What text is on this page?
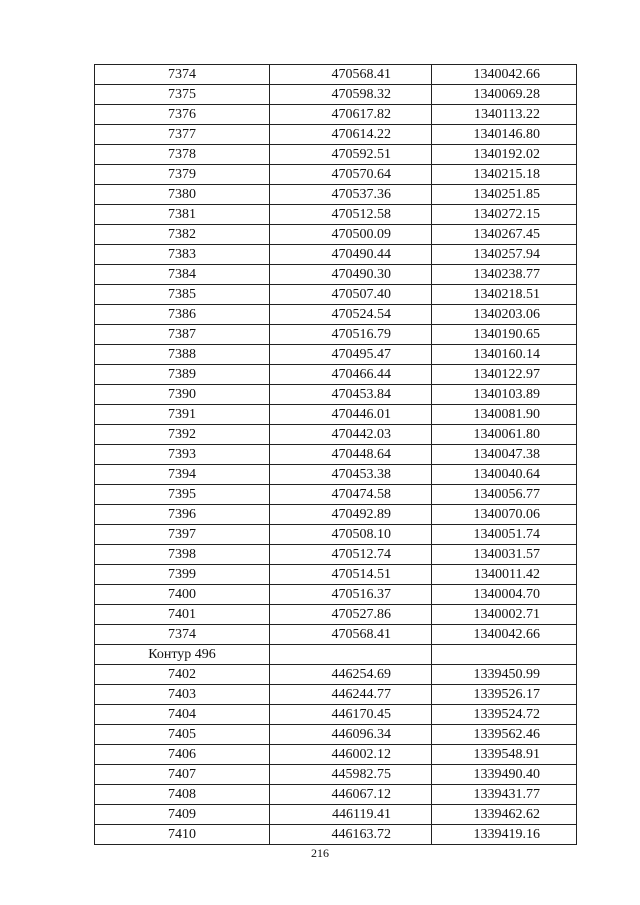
7374	470568.41	1340042.66
7375	470598.32	1340069.28
7376	470617.82	1340113.22
7377	470614.22	1340146.80
7378	470592.51	1340192.02
7379	470570.64	1340215.18
7380	470537.36	1340251.85
7381	470512.58	1340272.15
7382	470500.09	1340267.45
7383	470490.44	1340257.94
7384	470490.30	1340238.77
7385	470507.40	1340218.51
7386	470524.54	1340203.06
7387	470516.79	1340190.65
7388	470495.47	1340160.14
7389	470466.44	1340122.97
7390	470453.84	1340103.89
7391	470446.01	1340081.90
7392	470442.03	1340061.80
7393	470448.64	1340047.38
7394	470453.38	1340040.64
7395	470474.58	1340056.77
7396	470492.89	1340070.06
7397	470508.10	1340051.74
7398	470512.74	1340031.57
7399	470514.51	1340011.42
7400	470516.37	1340004.70
7401	470527.86	1340002.71
7374	470568.41	1340042.66
Контур 496		
7402	446254.69	1339450.99
7403	446244.77	1339526.17
7404	446170.45	1339524.72
7405	446096.34	1339562.46
7406	446002.12	1339548.91
7407	445982.75	1339490.40
7408	446067.12	1339431.77
7409	446119.41	1339462.62
7410	446163.72	1339419.16
216
